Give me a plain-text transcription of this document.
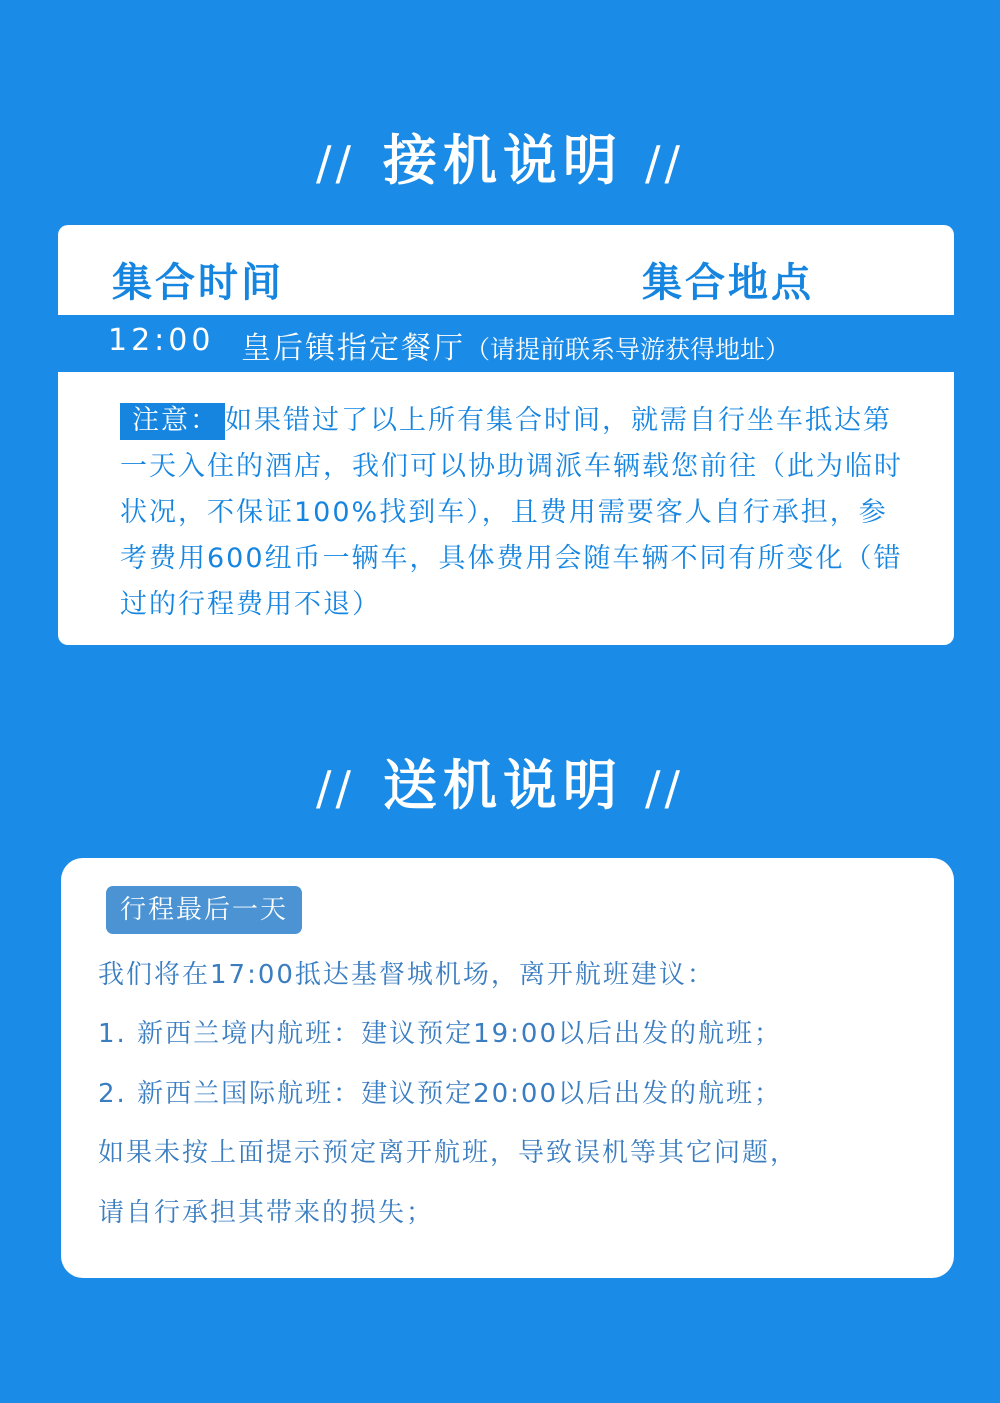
// 接机说明 //
集合时间	集合地点
12:00 皇后镇指定餐厅（请提前联系导游获得地址）
注意： 如果错过了以上所有集合时间，就需自行坐车抵达第一天入住的酒店，我们可以协助调派车辆载您前往（此为临时状况，不保证100%找到车），且费用需要客人自行承担，参考费用600纽币一辆车，具体费用会随车辆不同有所变化（错过的行程费用不退）
// 送机说明 //
行程最后一天
我们将在17:00抵达基督城机场，离开航班建议：
1. 新西兰境内航班：建议预定19:00以后出发的航班；
2. 新西兰国际航班：建议预定20:00以后出发的航班；
如果未按上面提示预定离开航班，导致误机等其它问题，
请自行承担其带来的损失；
